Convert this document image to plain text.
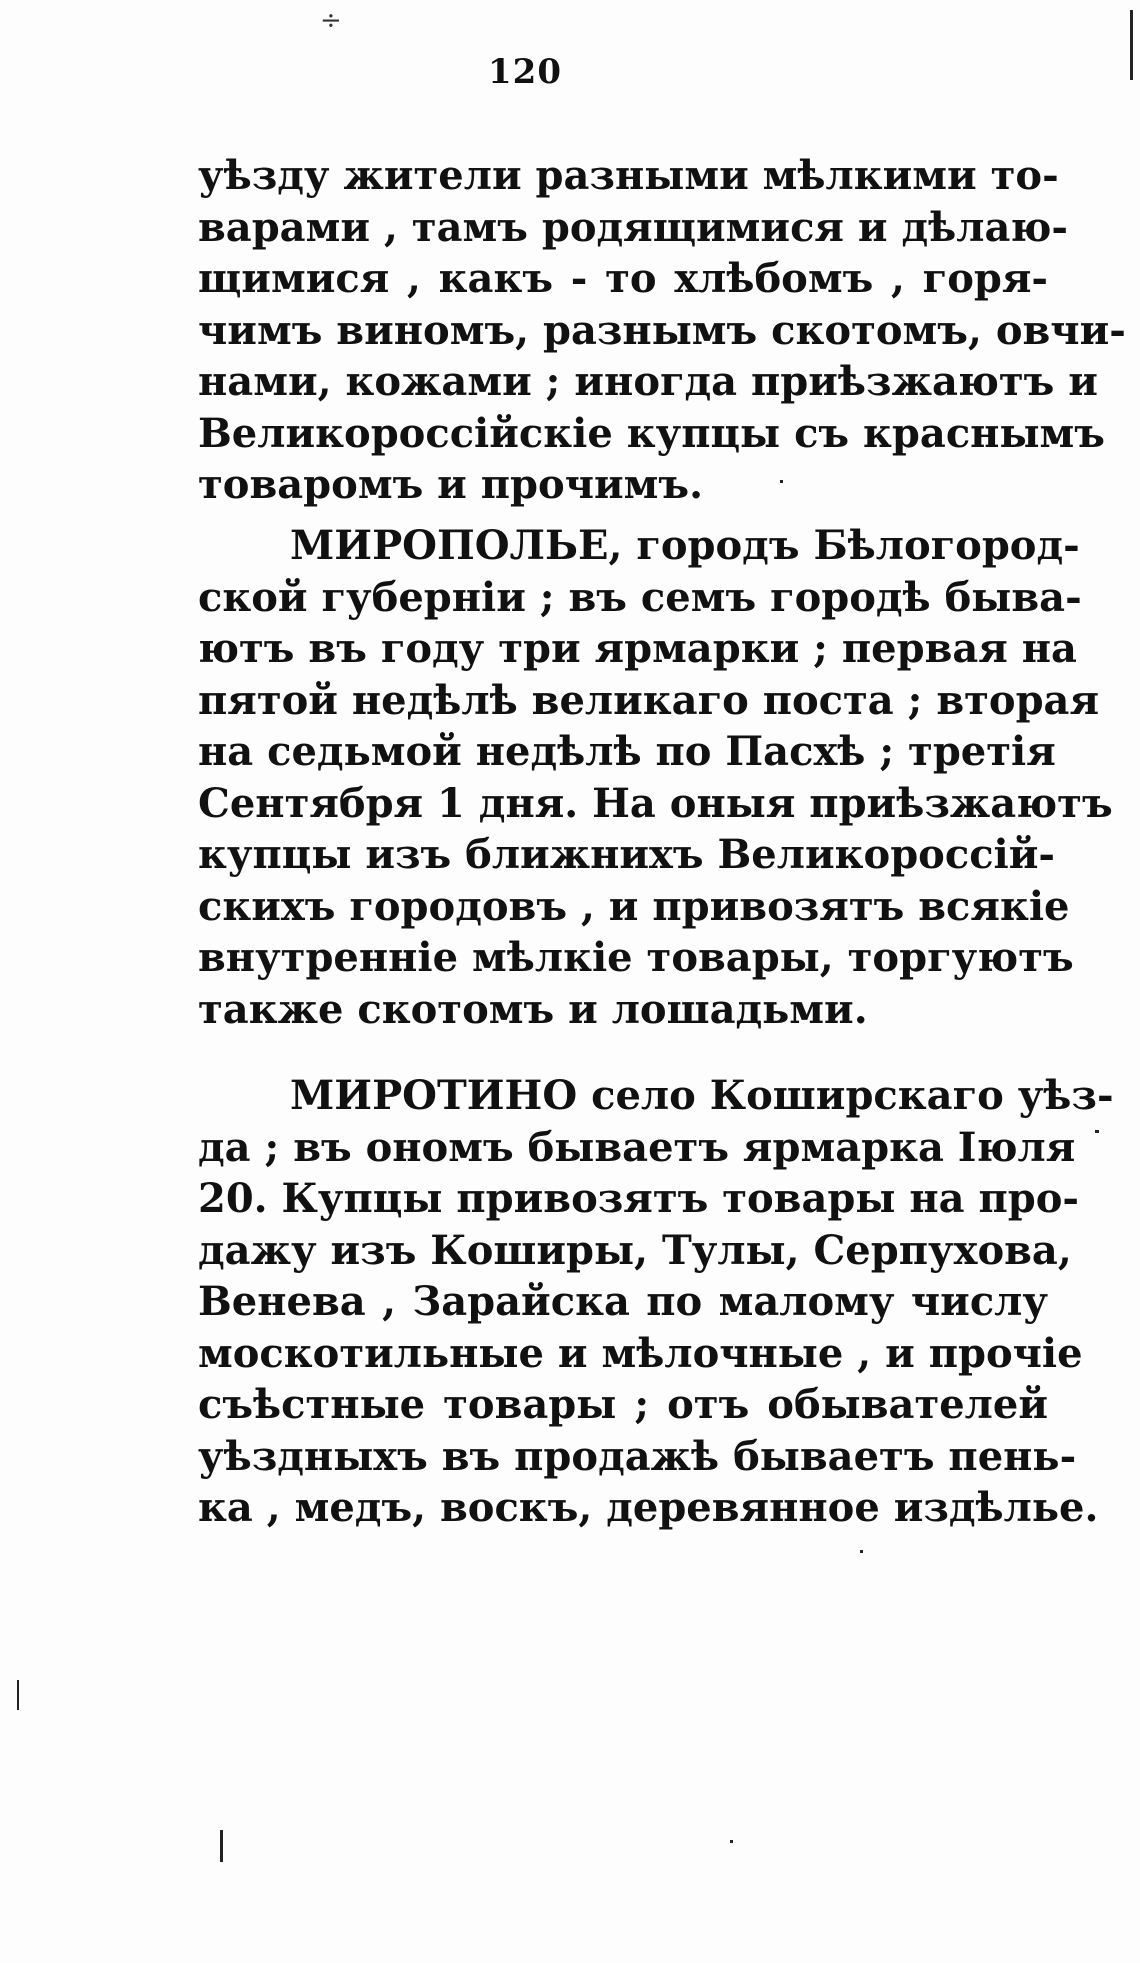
÷
120
уѣзду жители разными мѣлкими то-
варами , тамъ родящимися и дѣлаю-
щимися , какъ - то хлѣбомъ , горя-
чимъ виномъ, разнымъ скотомъ, овчи-
нами, кожами ; иногда приѣзжаютъ и
Великороссійскіе купцы съ краснымъ
товаромъ и прочимъ.
МИРОПОЛЬЕ, городъ Бѣлогород-
ской губерніи ; въ семъ городѣ быва-
ютъ въ году три ярмарки ; первая на
пятой недѣлѣ великаго поста ; вторая
на седьмой недѣлѣ по Пасхѣ ; третія
Сентября 1 дня. На оныя приѣзжаютъ
купцы изъ ближнихъ Великороссій-
скихъ городовъ , и привозятъ всякіе
внутренніе мѣлкіе товары, торгуютъ
также скотомъ и лошадьми.
МИРОТИНО село Коширскаго уѣз-
да ; въ ономъ бываетъ ярмарка Іюля
20. Купцы привозятъ товары на про-
дажу изъ Коширы, Тулы, Серпухова,
Венева , Зарайска по малому числу
москотильные и мѣлочные , и прочіе
съѣстные товары ; отъ обывателей
уѣздныхъ въ продажѣ бываетъ пень-
ка , медъ, воскъ, деревянное издѣлье.
